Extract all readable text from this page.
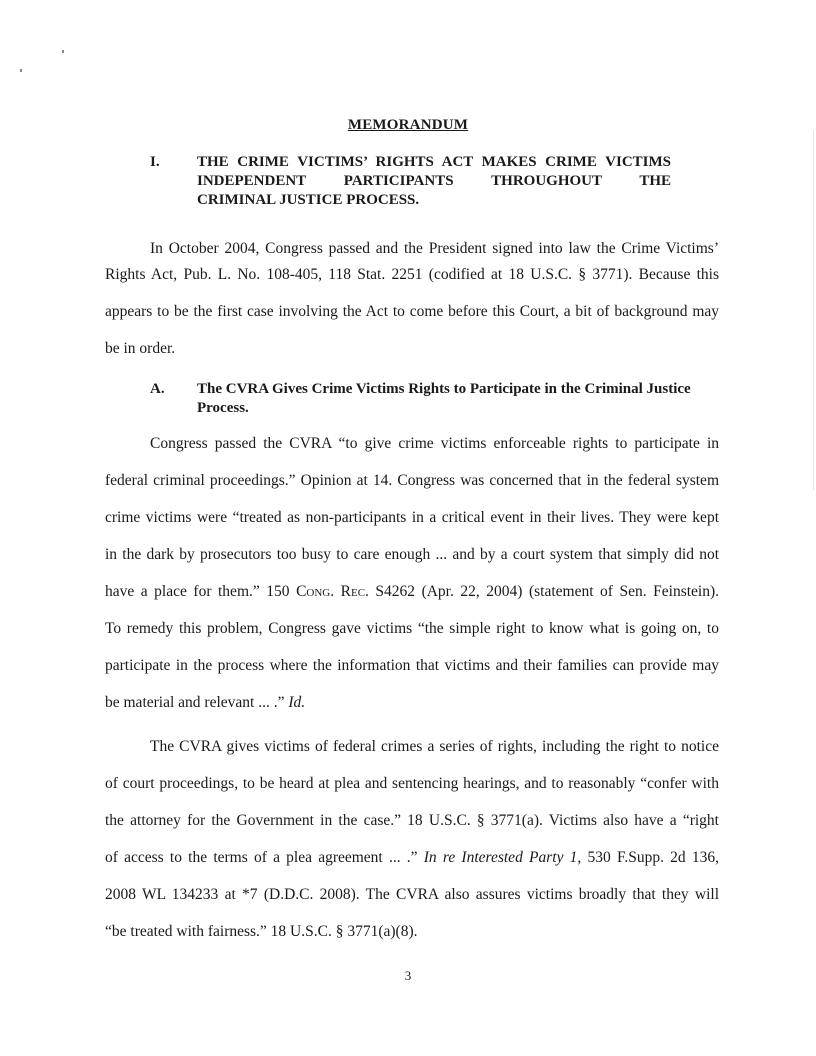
MEMORANDUM
I. THE CRIME VICTIMS’ RIGHTS ACT MAKES CRIME VICTIMS
INDEPENDENT PARTICIPANTS THROUGHOUT THE
CRIMINAL JUSTICE PROCESS.
In October 2004, Congress passed and the President signed into law the Crime Victims’
Rights Act, Pub. L. No. 108-405, 118 Stat. 2251 (codified at 18 U.S.C. § 3771). Because this
appears to be the first case involving the Act to come before this Court, a bit of background may
be in order.
A. The CVRA Gives Crime Victims Rights to Participate in the Criminal Justice
Process.
Congress passed the CVRA “to give crime victims enforceable rights to participate in
federal criminal proceedings.” Opinion at 14. Congress was concerned that in the federal system
crime victims were “treated as non-participants in a critical event in their lives. They were kept
in the dark by prosecutors too busy to care enough ... and by a court system that simply did not
have a place for them.” 150 Cong. Rec. S4262 (Apr. 22, 2004) (statement of Sen. Feinstein).
To remedy this problem, Congress gave victims “the simple right to know what is going on, to
participate in the process where the information that victims and their families can provide may
be material and relevant ... .” Id.
The CVRA gives victims of federal crimes a series of rights, including the right to notice
of court proceedings, to be heard at plea and sentencing hearings, and to reasonably “confer with
the attorney for the Government in the case.” 18 U.S.C. § 3771(a). Victims also have a “right
of access to the terms of a plea agreement ... .” In re Interested Party 1, 530 F.Supp. 2d 136,
2008 WL 134233 at *7 (D.D.C. 2008). The CVRA also assures victims broadly that they will
“be treated with fairness.” 18 U.S.C. § 3771(a)(8).
3
